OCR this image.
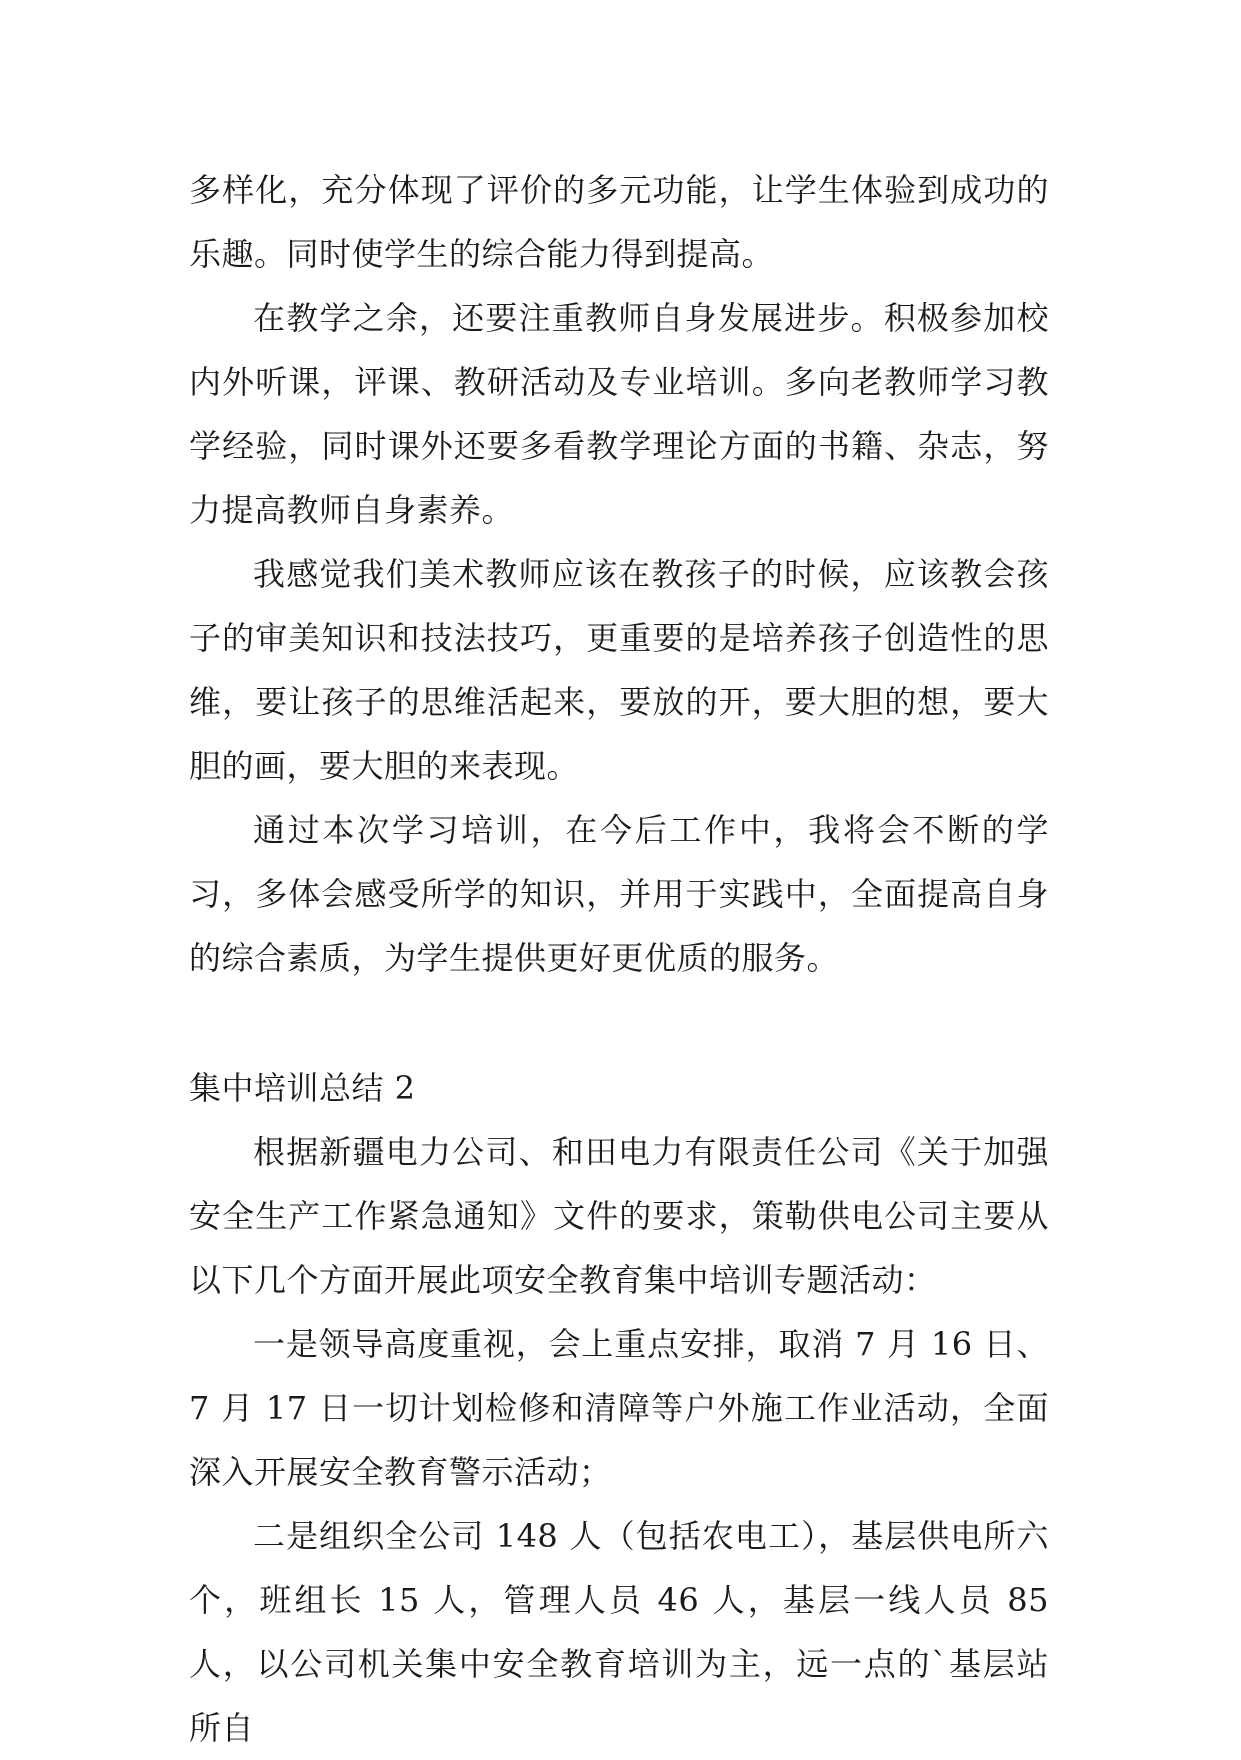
多样化，充分体现了评价的多元功能，让学生体验到成功的乐趣。同时使学生的综合能力得到提高。

在教学之余，还要注重教师自身发展进步。积极参加校内外听课，评课、教研活动及专业培训。多向老教师学习教学经验，同时课外还要多看教学理论方面的书籍、杂志，努力提高教师自身素养。

我感觉我们美术教师应该在教孩子的时候，应该教会孩子的审美知识和技法技巧，更重要的是培养孩子创造性的思维，要让孩子的思维活起来，要放的开，要大胆的想，要大胆的画，要大胆的来表现。

通过本次学习培训，在今后工作中，我将会不断的学习，多体会感受所学的知识，并用于实践中，全面提高自身的综合素质，为学生提供更好更优质的服务。

集中培训总结 2

根据新疆电力公司、和田电力有限责任公司《关于加强安全生产工作紧急通知》文件的要求，策勒供电公司主要从以下几个方面开展此项安全教育集中培训专题活动：

一是领导高度重视，会上重点安排，取消 7 月 16 日、7 月 17 日一切计划检修和清障等户外施工作业活动，全面深入开展安全教育警示活动；

二是组织全公司 148 人（包括农电工），基层供电所六个，班组长 15 人，管理人员 46 人，基层一线人员 85 人，以公司机关集中安全教育培训为主，远一点的`基层站所自
